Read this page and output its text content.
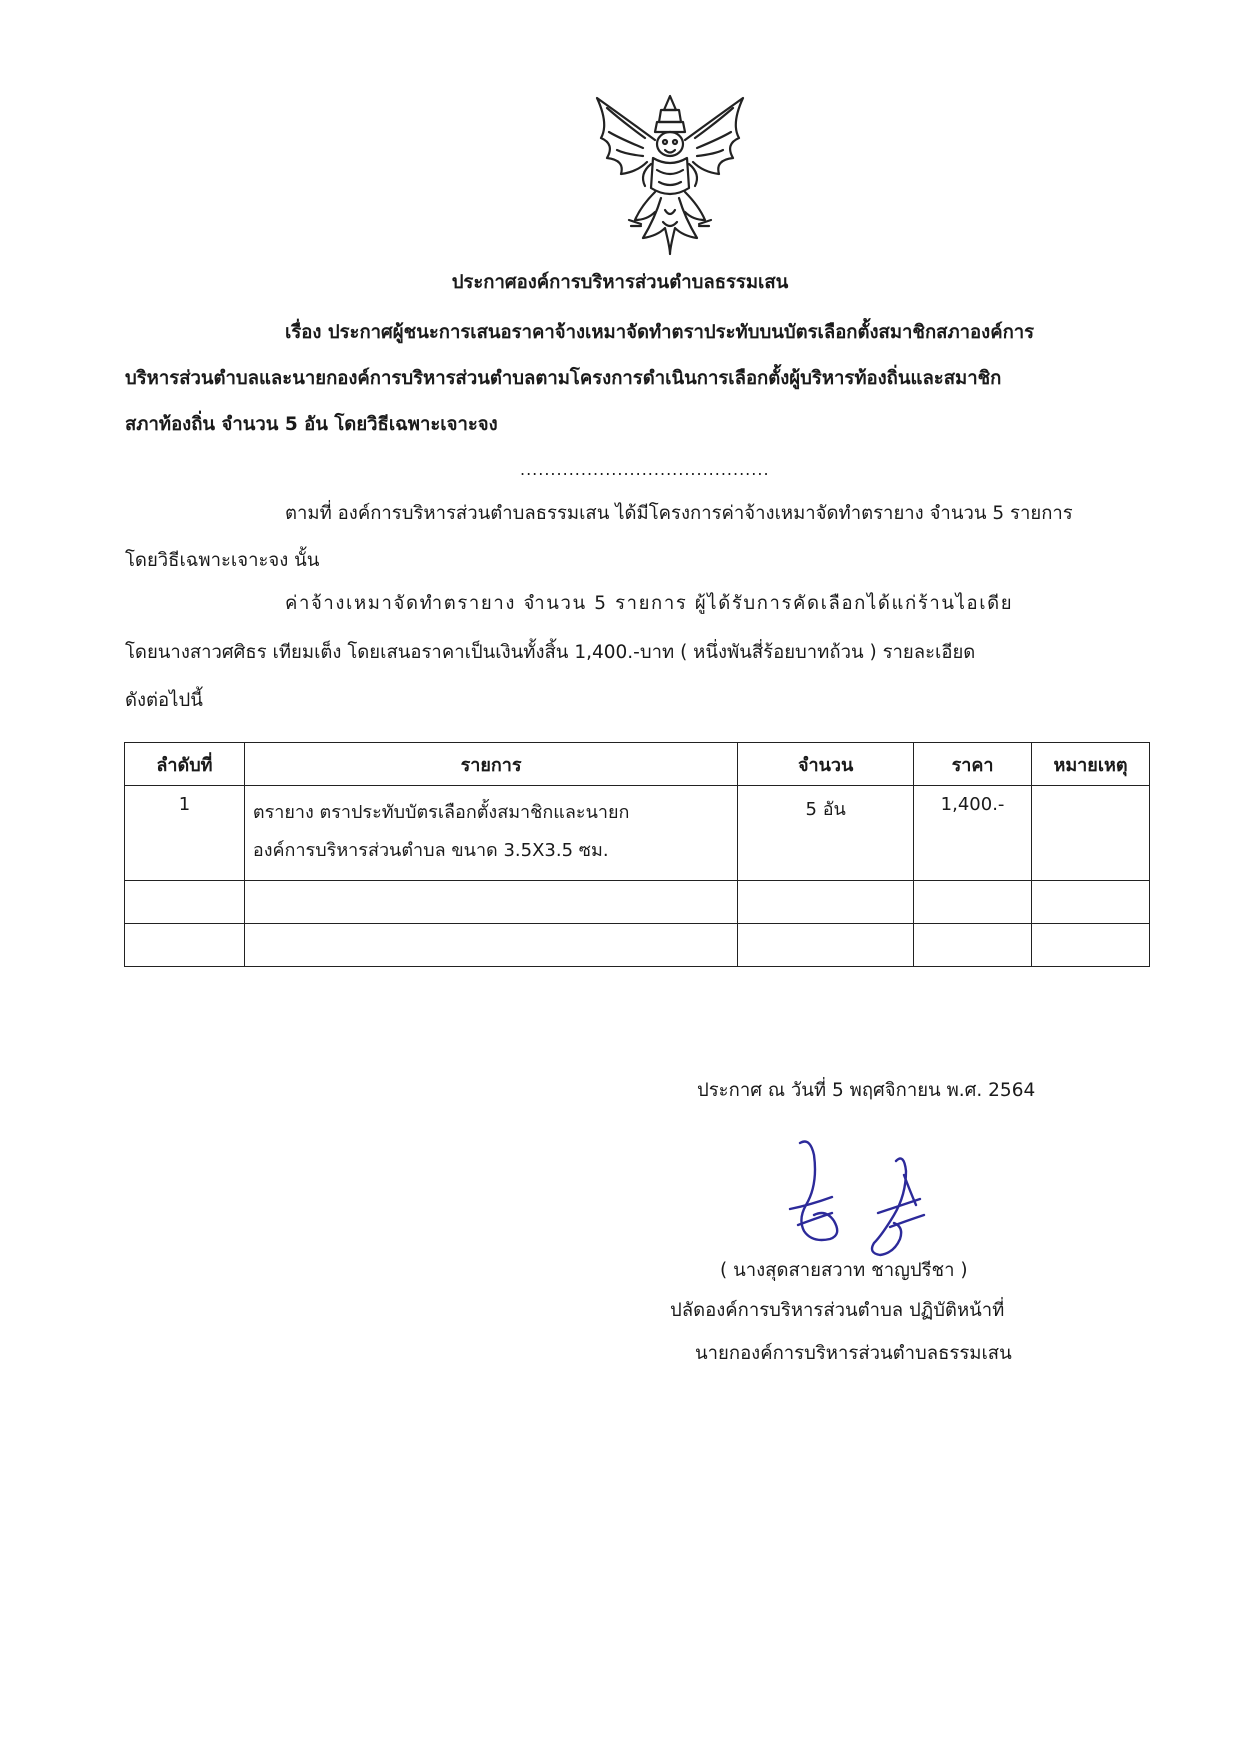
ประกาศองค์การบริหารส่วนตำบลธรรมเสน
เรื่อง ประกาศผู้ชนะการเสนอราคาจ้างเหมาจัดทำตราประทับบนบัตรเลือกตั้งสมาชิกสภาองค์การ
บริหารส่วนตำบลและนายกองค์การบริหารส่วนตำบลตามโครงการดำเนินการเลือกตั้งผู้บริหารท้องถิ่นและสมาชิก
สภาท้องถิ่น จำนวน 5 อัน โดยวิธีเฉพาะเจาะจง
.........................................
ตามที่ องค์การบริหารส่วนตำบลธรรมเสน ได้มีโครงการค่าจ้างเหมาจัดทำตรายาง จำนวน 5 รายการ
โดยวิธีเฉพาะเจาะจง นั้น
ค่าจ้างเหมาจัดทำตรายาง จำนวน 5 รายการ ผู้ได้รับการคัดเลือกได้แก่ร้านไอเดีย
โดยนางสาวศศิธร เทียมเต็ง โดยเสนอราคาเป็นเงินทั้งสิ้น 1,400.-บาท ( หนึ่งพันสี่ร้อยบาทถ้วน ) รายละเอียด
ดังต่อไปนี้
ลำดับที่	รายการ	จำนวน	ราคา	หมายเหตุ
1	ตรายาง ตราประทับบัตรเลือกตั้งสมาชิกและนายก
องค์การบริหารส่วนตำบล ขนาด 3.5X3.5 ซม.	5 อัน	1,400.-	

ประกาศ ณ วันที่ 5 พฤศจิกายน พ.ศ. 2564
( นางสุดสายสวาท ชาญปรีชา )
ปลัดองค์การบริหารส่วนตำบล ปฏิบัติหน้าที่
นายกองค์การบริหารส่วนตำบลธรรมเสน
